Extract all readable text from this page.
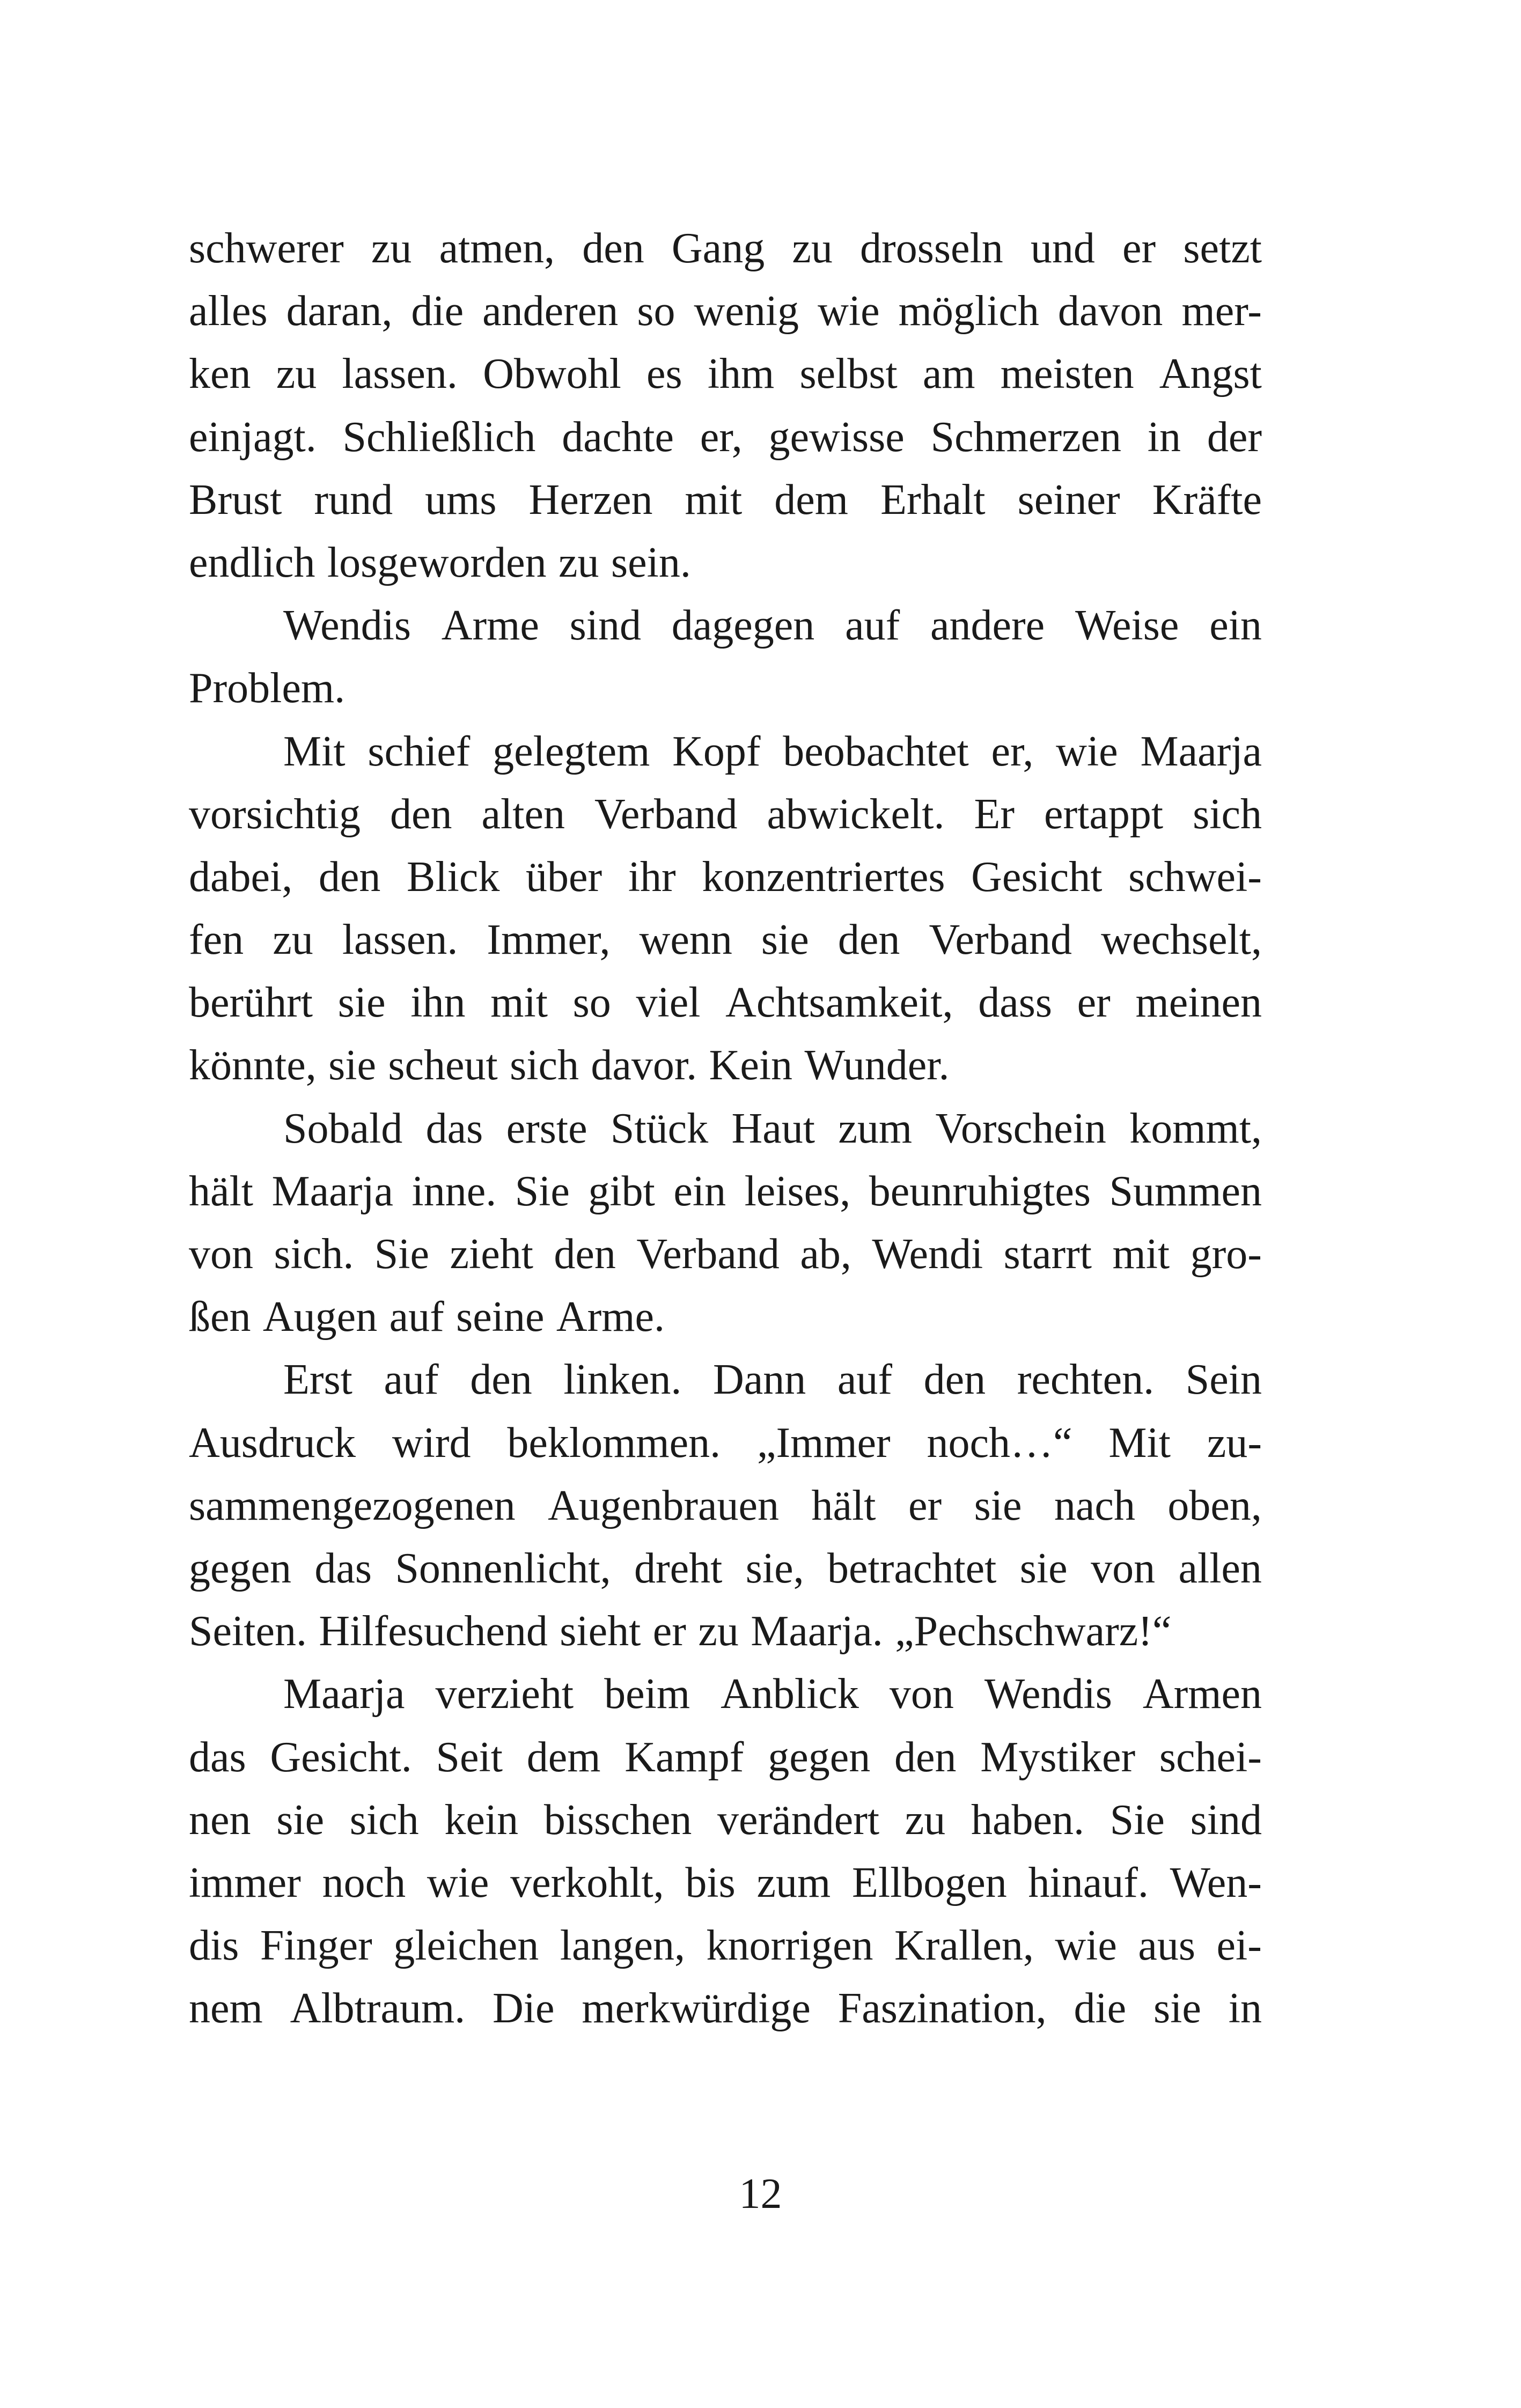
schwerer zu atmen, den Gang zu drosseln und er setzt
alles daran, die anderen so wenig wie möglich davon mer-
ken zu lassen. Obwohl es ihm selbst am meisten Angst
einjagt. Schließlich dachte er, gewisse Schmerzen in der
Brust rund ums Herzen mit dem Erhalt seiner Kräfte
endlich losgeworden zu sein.
Wendis Arme sind dagegen auf andere Weise ein
Problem.
Mit schief gelegtem Kopf beobachtet er, wie Maarja
vorsichtig den alten Verband abwickelt. Er ertappt sich
dabei, den Blick über ihr konzentriertes Gesicht schwei-
fen zu lassen. Immer, wenn sie den Verband wechselt,
berührt sie ihn mit so viel Achtsamkeit, dass er meinen
könnte, sie scheut sich davor. Kein Wunder.
Sobald das erste Stück Haut zum Vorschein kommt,
hält Maarja inne. Sie gibt ein leises, beunruhigtes Summen
von sich. Sie zieht den Verband ab, Wendi starrt mit gro-
ßen Augen auf seine Arme.
Erst auf den linken. Dann auf den rechten. Sein
Ausdruck wird beklommen. „Immer noch…“ Mit zu-
sammengezogenen Augenbrauen hält er sie nach oben,
gegen das Sonnenlicht, dreht sie, betrachtet sie von allen
Seiten. Hilfesuchend sieht er zu Maarja. „Pechschwarz!“
Maarja verzieht beim Anblick von Wendis Armen
das Gesicht. Seit dem Kampf gegen den Mystiker schei-
nen sie sich kein bisschen verändert zu haben. Sie sind
immer noch wie verkohlt, bis zum Ellbogen hinauf. Wen-
dis Finger gleichen langen, knorrigen Krallen, wie aus ei-
nem Albtraum. Die merkwürdige Faszination, die sie in
12
